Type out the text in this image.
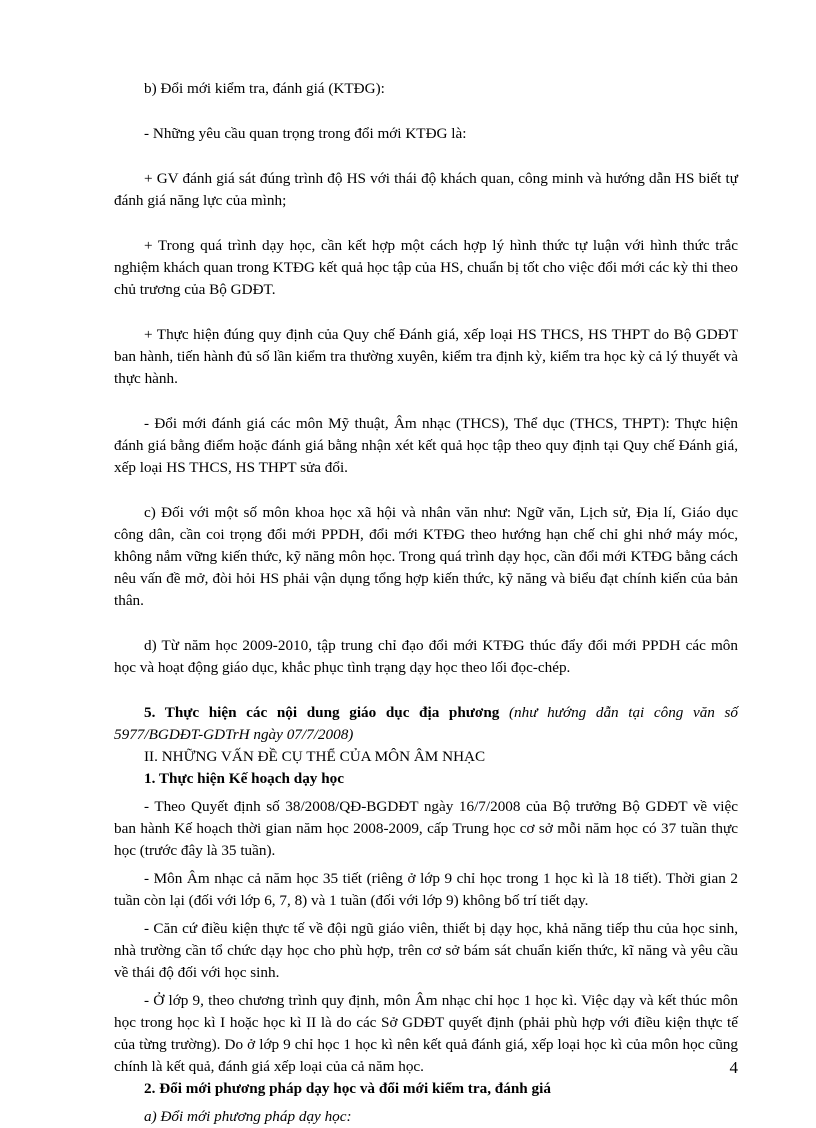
b) Đổi mới kiểm tra, đánh giá (KTĐG):

- Những yêu cầu quan trọng trong đổi mới KTĐG là:

+ GV đánh giá sát đúng trình độ HS với thái độ khách quan, công minh và hướng dẫn HS biết tự đánh giá năng lực của mình;

+ Trong quá trình dạy học, cần kết hợp một cách hợp lý hình thức tự luận với hình thức trắc nghiệm khách quan trong KTĐG kết quả học tập của HS, chuẩn bị tốt cho việc đổi mới các kỳ thi theo chủ trương của Bộ GDĐT.

+ Thực hiện đúng quy định của Quy chế Đánh giá, xếp loại HS THCS, HS THPT do Bộ GDĐT ban hành, tiến hành đủ số lần kiểm tra thường xuyên, kiểm tra định kỳ, kiểm tra học kỳ cả lý thuyết và thực hành.

- Đổi mới đánh giá các môn Mỹ thuật, Âm nhạc (THCS), Thể dục (THCS, THPT): Thực hiện đánh giá bằng điểm hoặc đánh giá bằng nhận xét kết quả học tập theo quy định tại Quy chế Đánh giá, xếp loại HS THCS, HS THPT sửa đổi.

c) Đối với một số môn khoa học xã hội và nhân văn như: Ngữ văn, Lịch sử, Địa lí, Giáo dục công dân, cần coi trọng đổi mới PPDH, đổi mới KTĐG theo hướng hạn chế chỉ ghi nhớ máy móc, không nắm vững kiến thức, kỹ năng môn học. Trong quá trình dạy học, cần đổi mới KTĐG bằng cách nêu vấn đề mở, đòi hỏi HS phải vận dụng tổng hợp kiến thức, kỹ năng và biểu đạt chính kiến của bản thân.

d) Từ năm học 2009-2010, tập trung chỉ đạo đổi mới KTĐG thúc đẩy đổi mới PPDH các môn học và hoạt động giáo dục, khắc phục tình trạng dạy học theo lối đọc-chép.

5. Thực hiện các nội dung giáo dục địa phương (như hướng dẫn tại công văn số 5977/BGDĐT-GDTrH ngày 07/7/2008)

II. NHỮNG VẤN ĐỀ CỤ THỂ CỦA MÔN ÂM NHẠC

1. Thực hiện Kế hoạch dạy học

- Theo Quyết định số 38/2008/QĐ-BGDĐT ngày 16/7/2008 của Bộ trưởng Bộ GDĐT về việc ban hành Kế hoạch thời gian năm học 2008-2009, cấp Trung học cơ sở mỗi năm học có 37 tuần thực học (trước đây là 35 tuần).

- Môn Âm nhạc cả năm học 35 tiết (riêng ở lớp 9 chỉ học trong 1 học kì là 18 tiết). Thời gian 2 tuần còn lại (đối với lớp 6, 7, 8) và 1 tuần (đối với lớp 9) không bố trí tiết dạy.

- Căn cứ điều kiện thực tế về đội ngũ giáo viên, thiết bị dạy học, khả năng tiếp thu của học sinh, nhà trường cần tổ chức dạy học cho phù hợp, trên cơ sở bám sát chuẩn kiến thức, kĩ năng và yêu cầu về thái độ đối với học sinh.

- Ở lớp 9, theo chương trình quy định, môn Âm nhạc chỉ học 1 học kì. Việc dạy và kết thúc môn học trong học kì I hoặc học kì II là do các Sở GDĐT quyết định (phải phù hợp với điều kiện thực tế của từng trường). Do ở lớp 9 chỉ học 1 học kì nên kết quả đánh giá, xếp loại học kì của môn học cũng chính là kết quả, đánh giá xếp loại của cả năm học.

2. Đổi mới phương pháp dạy học và đổi mới kiểm tra, đánh giá

a) Đổi mới phương pháp dạy học:

4
